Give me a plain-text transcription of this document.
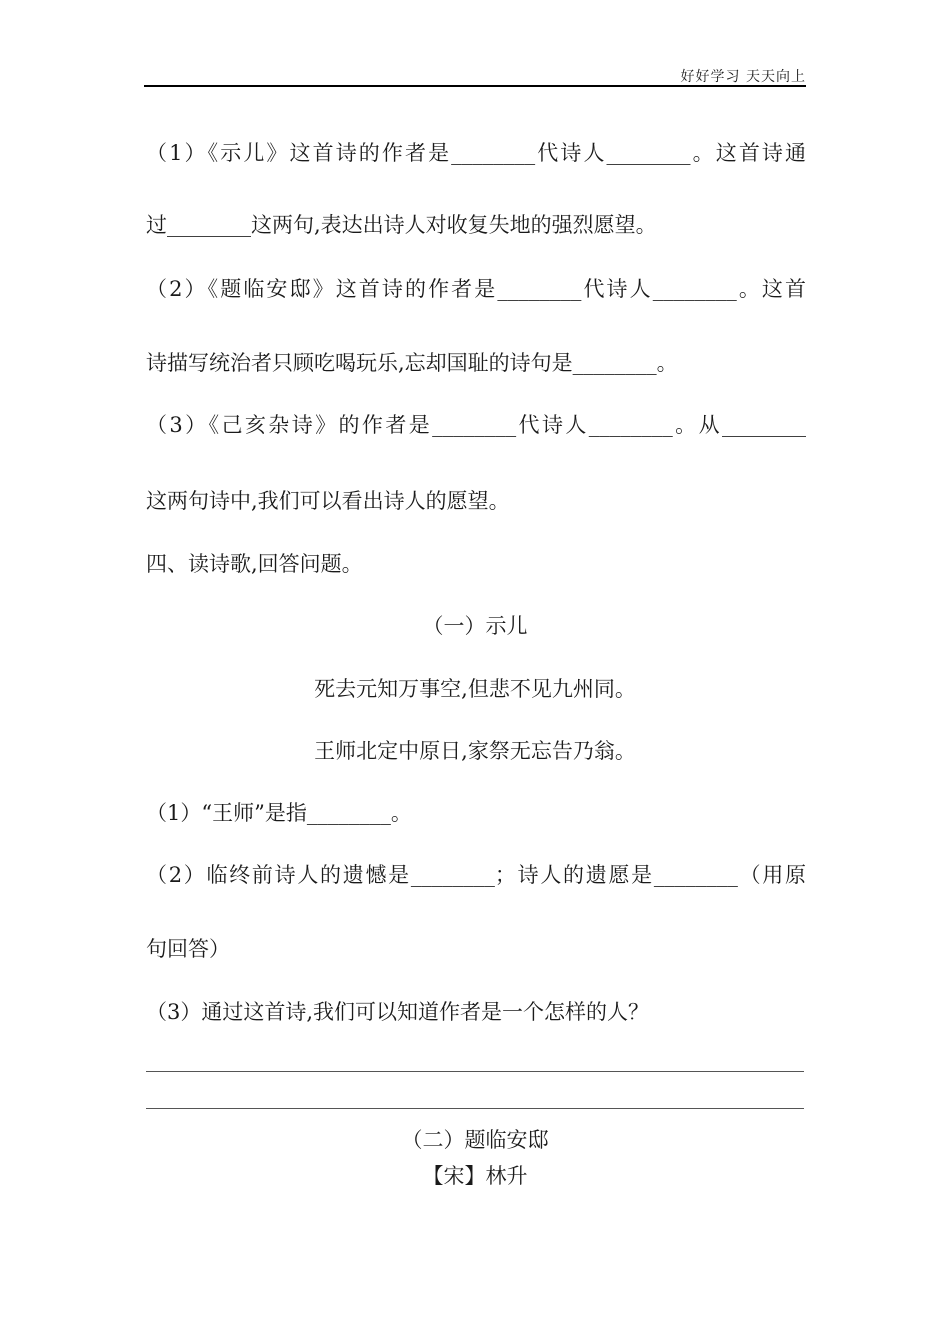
好好学习 天天向上
（1）《示儿》这首诗的作者是________代诗人________。这首诗通
过________这两句,表达出诗人对收复失地的强烈愿望。
（2）《题临安邸》这首诗的作者是________代诗人________。这首
诗描写统治者只顾吃喝玩乐,忘却国耻的诗句是________。
（3）《己亥杂诗》的作者是________代诗人________。从________
这两句诗中,我们可以看出诗人的愿望。
四、读诗歌,回答问题。
（一）示儿
死去元知万事空,但悲不见九州同。
王师北定中原日,家祭无忘告乃翁。
（1）“王师”是指________。
（2）临终前诗人的遗憾是________；诗人的遗愿是________（用原
句回答）
（3）通过这首诗,我们可以知道作者是一个怎样的人？
（二）题临安邸
【宋】林升
